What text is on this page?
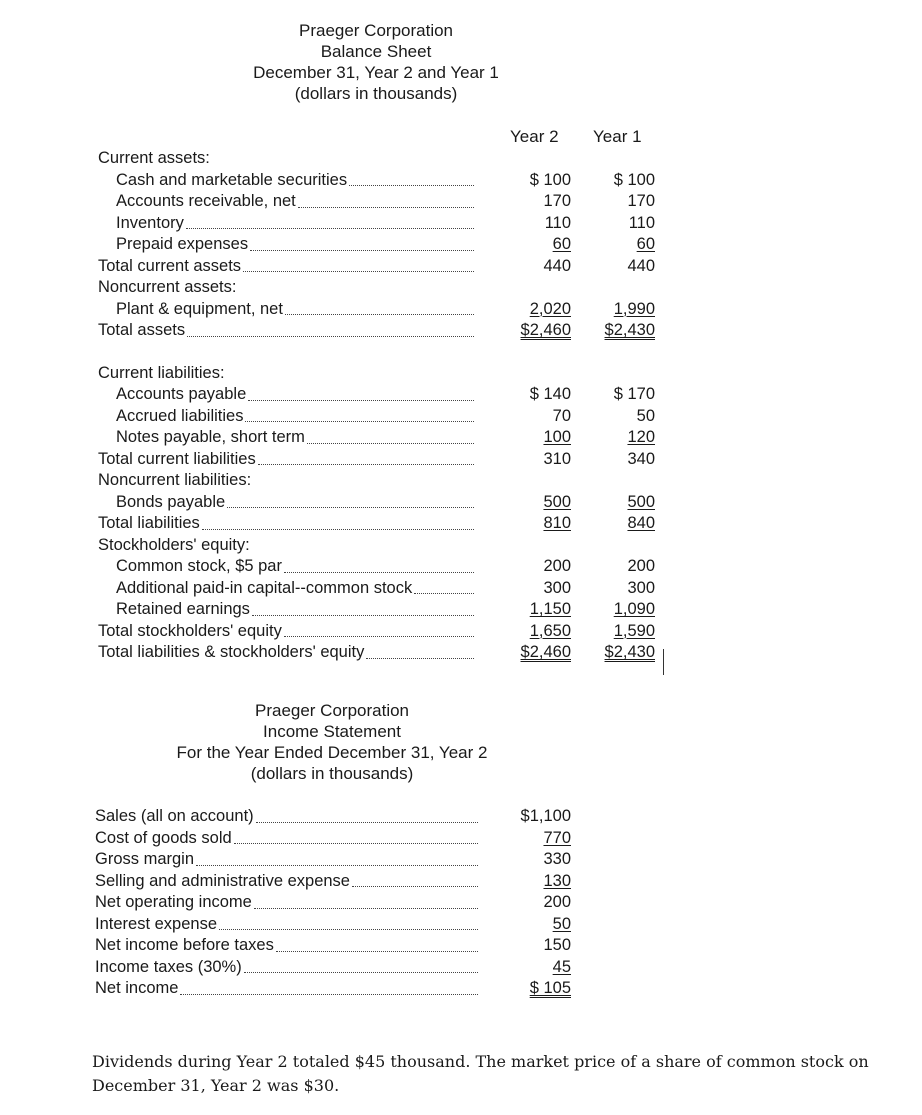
Praeger Corporation
Balance Sheet
December 31, Year 2 and Year 1
(dollars in thousands)
Year 2 Year 1
Current assets:
Cash and marketable securities	$ 100	$ 100
Accounts receivable, net	170	170
Inventory	110	110
Prepaid expenses	60	60
Total current assets	440	440
Noncurrent assets:
Plant & equipment, net	2,020	1,990
Total assets	$2,460 $2,430
Current liabilities:
Accounts payable	$ 140	$ 170
Accrued liabilities	70	50
Notes payable, short term	100	120
Total current liabilities	310	340
Noncurrent liabilities:
Bonds payable	500	500
Total liabilities	810	840
Stockholders' equity:
Common stock, $5 par	200	200
Additional paid-in capital--common stock	300	300
Retained earnings	1,150	1,090
Total stockholders' equity	1,650	1,590
Total liabilities & stockholders' equity	$2,460 $2,430
Praeger Corporation
Income Statement
For the Year Ended December 31, Year 2
(dollars in thousands)
Sales (all on account)	$1,100
Cost of goods sold	770
Gross margin	330
Selling and administrative expense	130
Net operating income	200
Interest expense	50
Net income before taxes	150
Income taxes (30%)	45
Net income	$ 105
Dividends during Year 2 totaled $45 thousand. The market price of a share of common stock on December 31, Year 2 was $30.
